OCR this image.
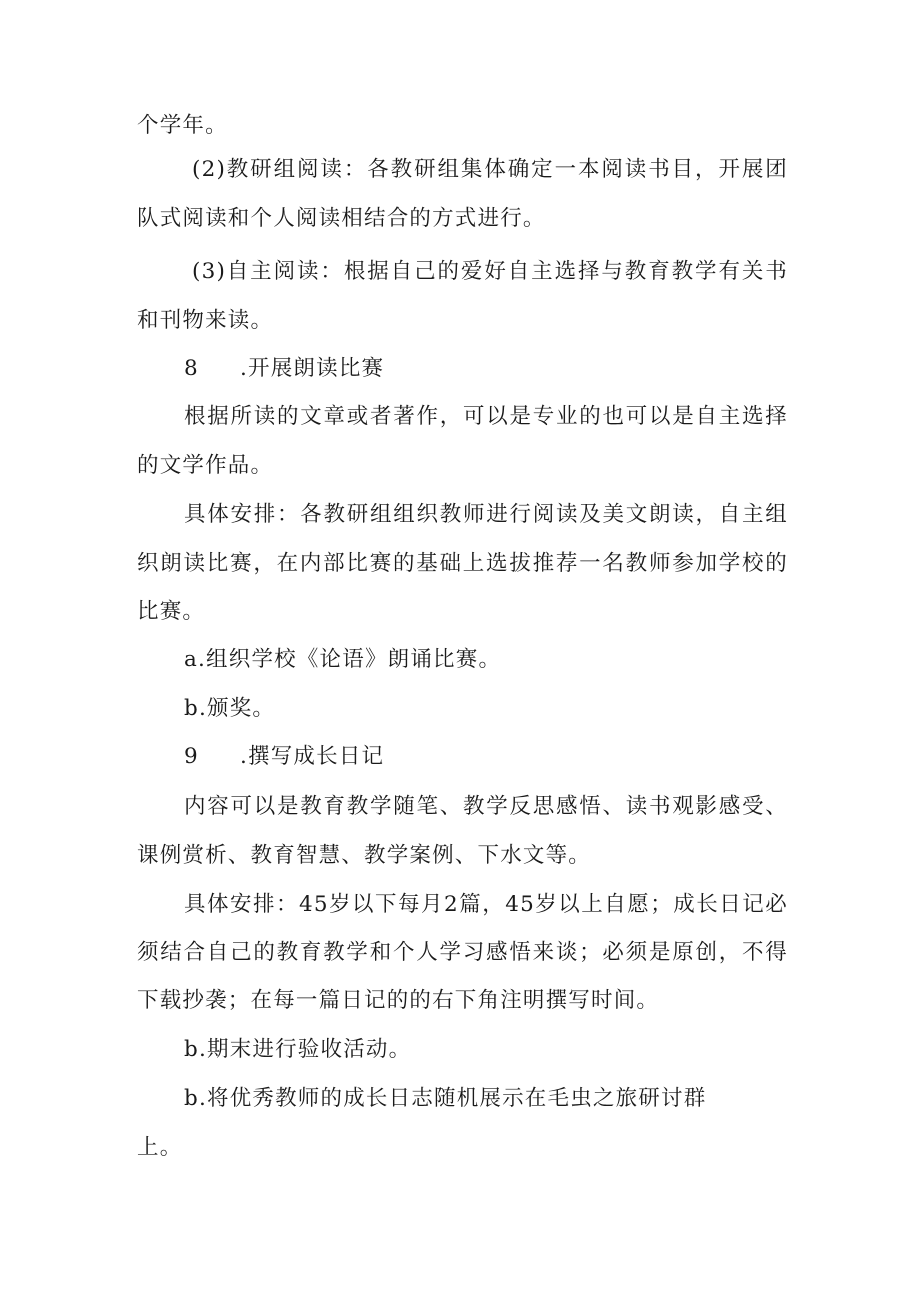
个学年。
(2)教研组阅读：各教研组集体确定一本阅读书目，开展团
队式阅读和个人阅读相结合的方式进行。
(3)自主阅读：根据自己的爱好自主选择与教育教学有关书
和刊物来读。
8 .开展朗读比赛
根据所读的文章或者著作，可以是专业的也可以是自主选择
的文学作品。
具体安排：各教研组组织教师进行阅读及美文朗读，自主组
织朗读比赛，在内部比赛的基础上选拔推荐一名教师参加学校的
比赛。
a.组织学校《论语》朗诵比赛。
b.颁奖。
9 .撰写成长日记
内容可以是教育教学随笔、教学反思感悟、读书观影感受、
课例赏析、教育智慧、教学案例、下水文等。
具体安排：45岁以下每月2篇，45岁以上自愿；成长日记必
须结合自己的教育教学和个人学习感悟来谈；必须是原创，不得
下载抄袭；在每一篇日记的的右下角注明撰写时间。
b.期末进行验收活动。
b.将优秀教师的成长日志随机展示在毛虫之旅研讨群
上。
